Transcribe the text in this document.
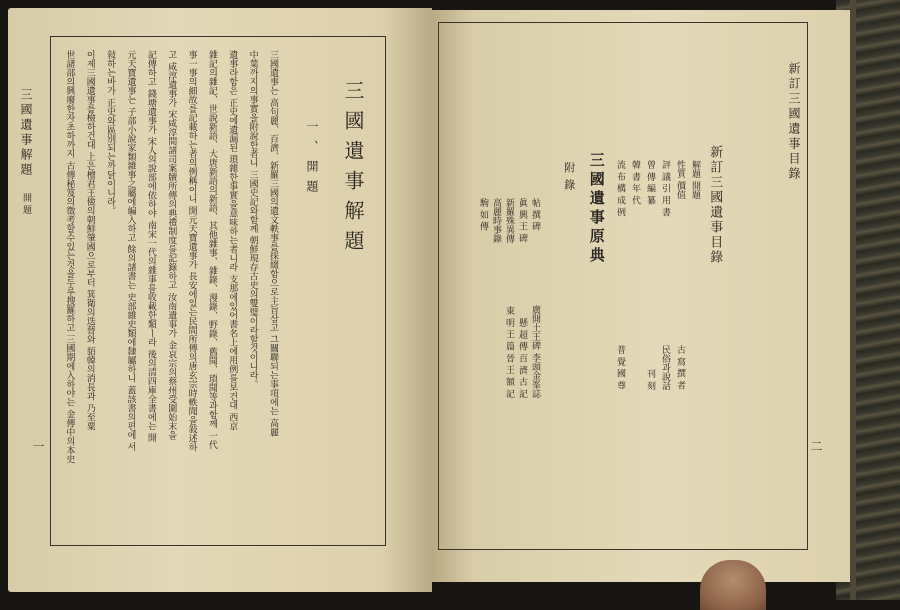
三國遺事解題 開題
一
三國遺事解題
一、開題
三國遺事는 高句麗、百濟、新羅三國의遺文軼事를採綴함으로主旨삼고 그關聯되는事項에는 高麗
中葉까지의事實을附說한者니 三國史記와함께 朝鮮現存古史의雙璧이라할것이니라。
遺事라함은 正史에遺漏된 瑣雜한事實을意味하는者니라 支那에있어書名上에用例를보건대 西京
雜記의雜記、世說新語、大唐新語의新語、其他雜事、雜錄、漫錄、野錄、舊聞、瑣聞等과함께 一代
事一事의細故를記載하는者의例稱이니 開元天寶遺事가 長安에있는民間所傳의唐玄宗時軼聞을敍述하
고 咸淳遺事가 宋咸淳間諸司案牘所傳의典禮制度를記錄하고 汝南遺事가 金哀宗의蔡州受圍始末을
記傳하고 錢塘遺事가 宋人의說部에依하야 南宋一代의雜事를收載한類ㅣ라 後의清四庫全書에는 開
元天寶遺事는 子部小說家類雜事之屬에編入하고 餘의諸書는 史部雜史類에隸屬하니 蓋該書의편에 서
敍하는바가 正史와區別되는까닭이니라。
이제三國遺事를檢하건대 上은檀君王儉의朝鮮肇國으로부터 箕衛의迭替와 貊韓의消長과 乃至粟
世諸部의興廢한자초하까지 古傳秘笈의徵考할수있는것을두루搜羅하고 三國期에入하야는 金傳中의本史	新訂三國遺事目錄
二
新訂三國遺事目錄
解題 開題
性質 價值
古 寫 撰 者
評 議 引 用 書
民俗과說話
曾 傳 編 纂
刊 刻
韓 書 年 代
流 布 構 成 例
普 覺 國 尊
三國遺事原典
附錄
帖 撰 碑
廣開土王碑 李頭金峯誌
眞 興 王 碑
懸 超 傳 百 濟 古 記
新羅殊異傳
東 明 王 篇 晉 王 額 記
高麗時事錄
駒 如 傳
